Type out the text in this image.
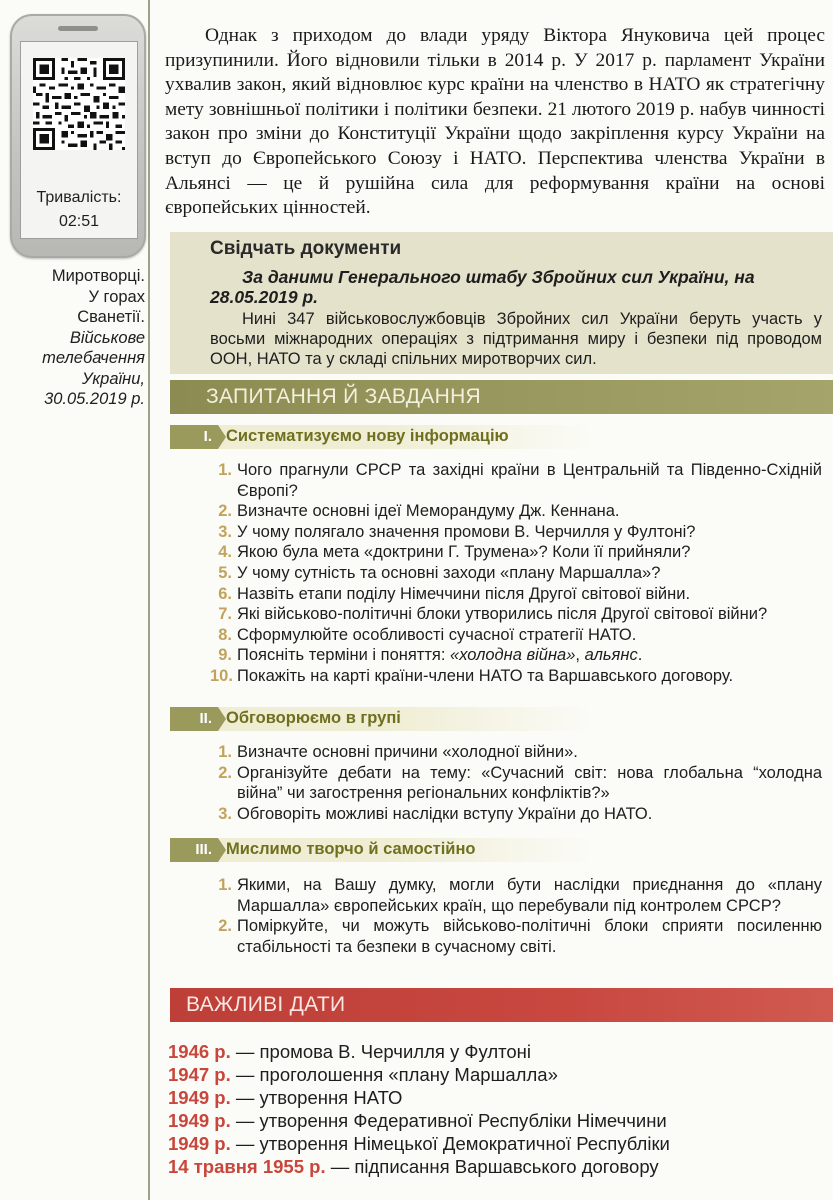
Тривалість:
02:51
Миротворці.
У горах
Сванетії.
Військове
телебачення
України,
30.05.2019 р.

Однак з приходом до влади уряду Віктора Януковича цей процес призупинили. Його відновили тільки в 2014 р. У 2017 р. парламент України ухвалив закон, який відновлює курс країни на членство в НАТО як стратегічну мету зовнішньої політики і політики безпеки. 21 лютого 2019 р. набув чинності закон про зміни до Конституції України щодо закріплення курсу України на вступ до Європейського Союзу і НАТО. Перспектива членства України в Альянсі — це й рушійна сила для реформування країни на основі європейських цінностей.

Свідчать документи
За даними Генерального штабу Збройних сил України, на 28.05.2019 р.
Нині 347 військовослужбовців Збройних сил України беруть участь у восьми міжнародних операціях з підтримання миру і безпеки під проводом ООН, НАТО та у складі спільних миротворчих сил.
ЗАПИТАННЯ Й ЗАВДАННЯ
I. Систематизуємо нову інформацію
1. Чого прагнули СРСР та західні країни в Центральній та Південно-Східній Європі?
2. Визначте основні ідеї Меморандуму Дж. Кеннана.
3. У чому полягало значення промови В. Черчилля у Фултоні?
4. Якою була мета «доктрини Г. Трумена»? Коли її прийняли?
5. У чому сутність та основні заходи «плану Маршалла»?
6. Назвіть етапи поділу Німеччини після Другої світової війни.
7. Які військово-політичні блоки утворились після Другої світової війни?
8. Сформулюйте особливості сучасної стратегії НАТО.
9. Поясніть терміни і поняття: «холодна війна», альянс.
10. Покажіть на карті країни-члени НАТО та Варшавського договору.
II. Обговорюємо в групі
1. Визначте основні причини «холодної війни».
2. Організуйте дебати на тему: «Сучасний світ: нова глобальна “холодна війна” чи загострення регіональних конфліктів?»
3. Обговоріть можливі наслідки вступу України до НАТО.
III. Мислимо творчо й самостійно
1. Якими, на Вашу думку, могли бути наслідки приєднання до «плану Маршалла» європейських країн, що перебували під контролем СРСР?
2. Поміркуйте, чи можуть військово-політичні блоки сприяти посиленню стабільності та безпеки в сучасному світі.
ВАЖЛИВІ ДАТИ
1946 р. — промова В. Черчилля у Фултоні
1947 р. — проголошення «плану Маршалла»
1949 р. — утворення НАТО
1949 р. — утворення Федеративної Республіки Німеччини
1949 р. — утворення Німецької Демократичної Республіки
14 травня 1955 р. — підписання Варшавського договору
